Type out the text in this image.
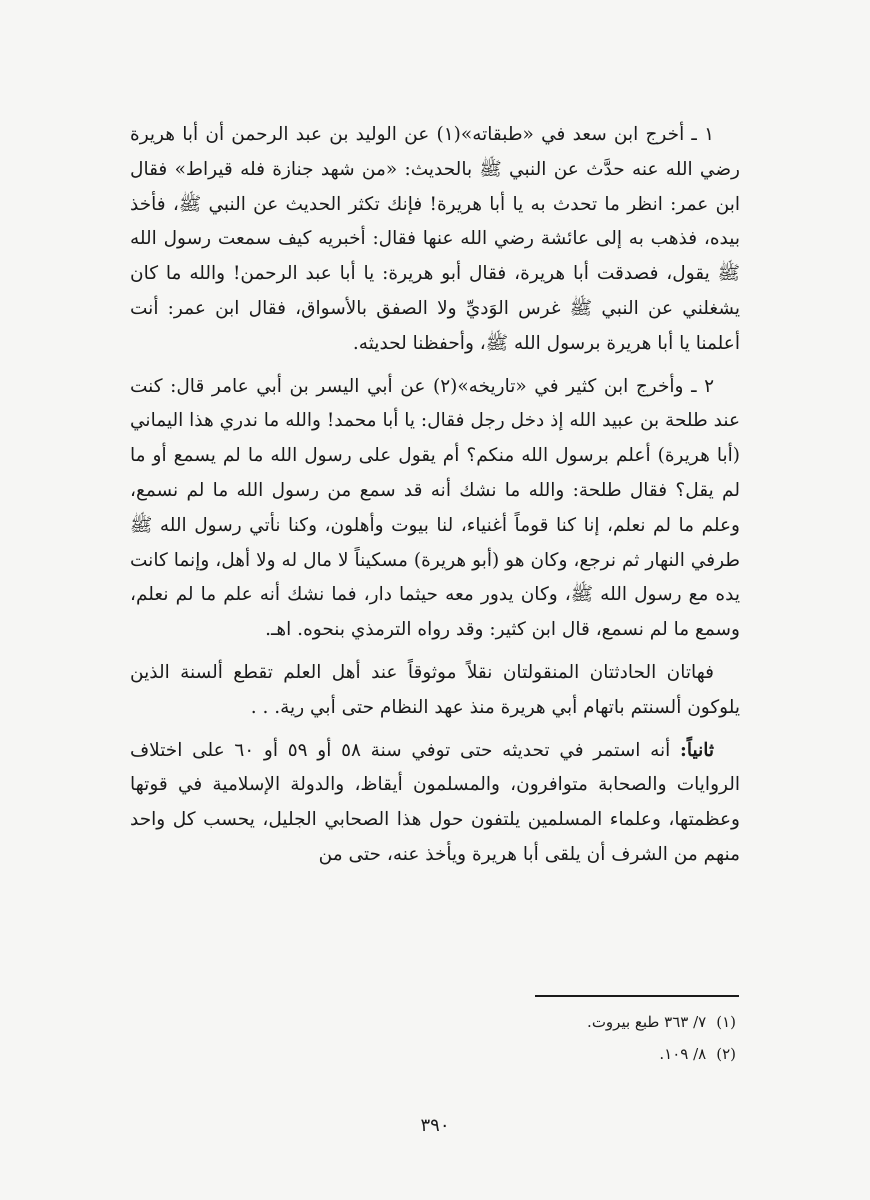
١ ـ أخرج ابن سعد في «طبقاته»(١) عن الوليد بن عبد الرحمن أن أبا هريرة رضي الله عنه حدَّث عن النبي ﷺ بالحديث: «من شهد جنازة فله قيراط» فقال ابن عمر: انظر ما تحدث به يا أبا هريرة! فإنك تكثر الحديث عن النبي ﷺ، فأخذ بيده، فذهب به إلى عائشة رضي الله عنها فقال: أخبريه كيف سمعت رسول الله ﷺ يقول، فصدقت أبا هريرة، فقال أبو هريرة: يا أبا عبد الرحمن! والله ما كان يشغلني عن النبي ﷺ غرس الوَديِّ ولا الصفق بالأسواق، فقال ابن عمر: أنت أعلمنا يا أبا هريرة برسول الله ﷺ، وأحفظنا لحديثه.

٢ ـ وأخرج ابن كثير في «تاريخه»(٢) عن أبي اليسر بن أبي عامر قال: كنت عند طلحة بن عبيد الله إذ دخل رجل فقال: يا أبا محمد! والله ما ندري هذا اليماني (أبا هريرة) أعلم برسول الله منكم؟ أم يقول على رسول الله ما لم يسمع أو ما لم يقل؟ فقال طلحة: والله ما نشك أنه قد سمع من رسول الله ما لم نسمع، وعلم ما لم نعلم، إنا كنا قوماً أغنياء، لنا بيوت وأهلون، وكنا نأتي رسول الله ﷺ طرفي النهار ثم نرجع، وكان هو (أبو هريرة) مسكيناً لا مال له ولا أهل، وإنما كانت يده مع رسول الله ﷺ، وكان يدور معه حيثما دار، فما نشك أنه علم ما لم نعلم، وسمع ما لم نسمع، قال ابن كثير: وقد رواه الترمذي بنحوه. اهـ.

فهاتان الحادثتان المنقولتان نقلاً موثوقاً عند أهل العلم تقطع ألسنة الذين يلوكون ألسنتم باتهام أبي هريرة منذ عهد النظام حتى أبي رية. . .

ثانياً: أنه استمر في تحديثه حتى توفي سنة ٥٨ أو ٥٩ أو ٦٠ على اختلاف الروايات والصحابة متوافرون، والمسلمون أيقاظ، والدولة الإسلامية في قوتها وعظمتها، وعلماء المسلمين يلتفون حول هذا الصحابي الجليل، يحسب كل واحد منهم من الشرف أن يلقى أبا هريرة ويأخذ عنه، حتى من

(١)٧/ ٣٦٣ طبع بيروت.

(٢)٨/ ١٠٩.

٣٩٠
